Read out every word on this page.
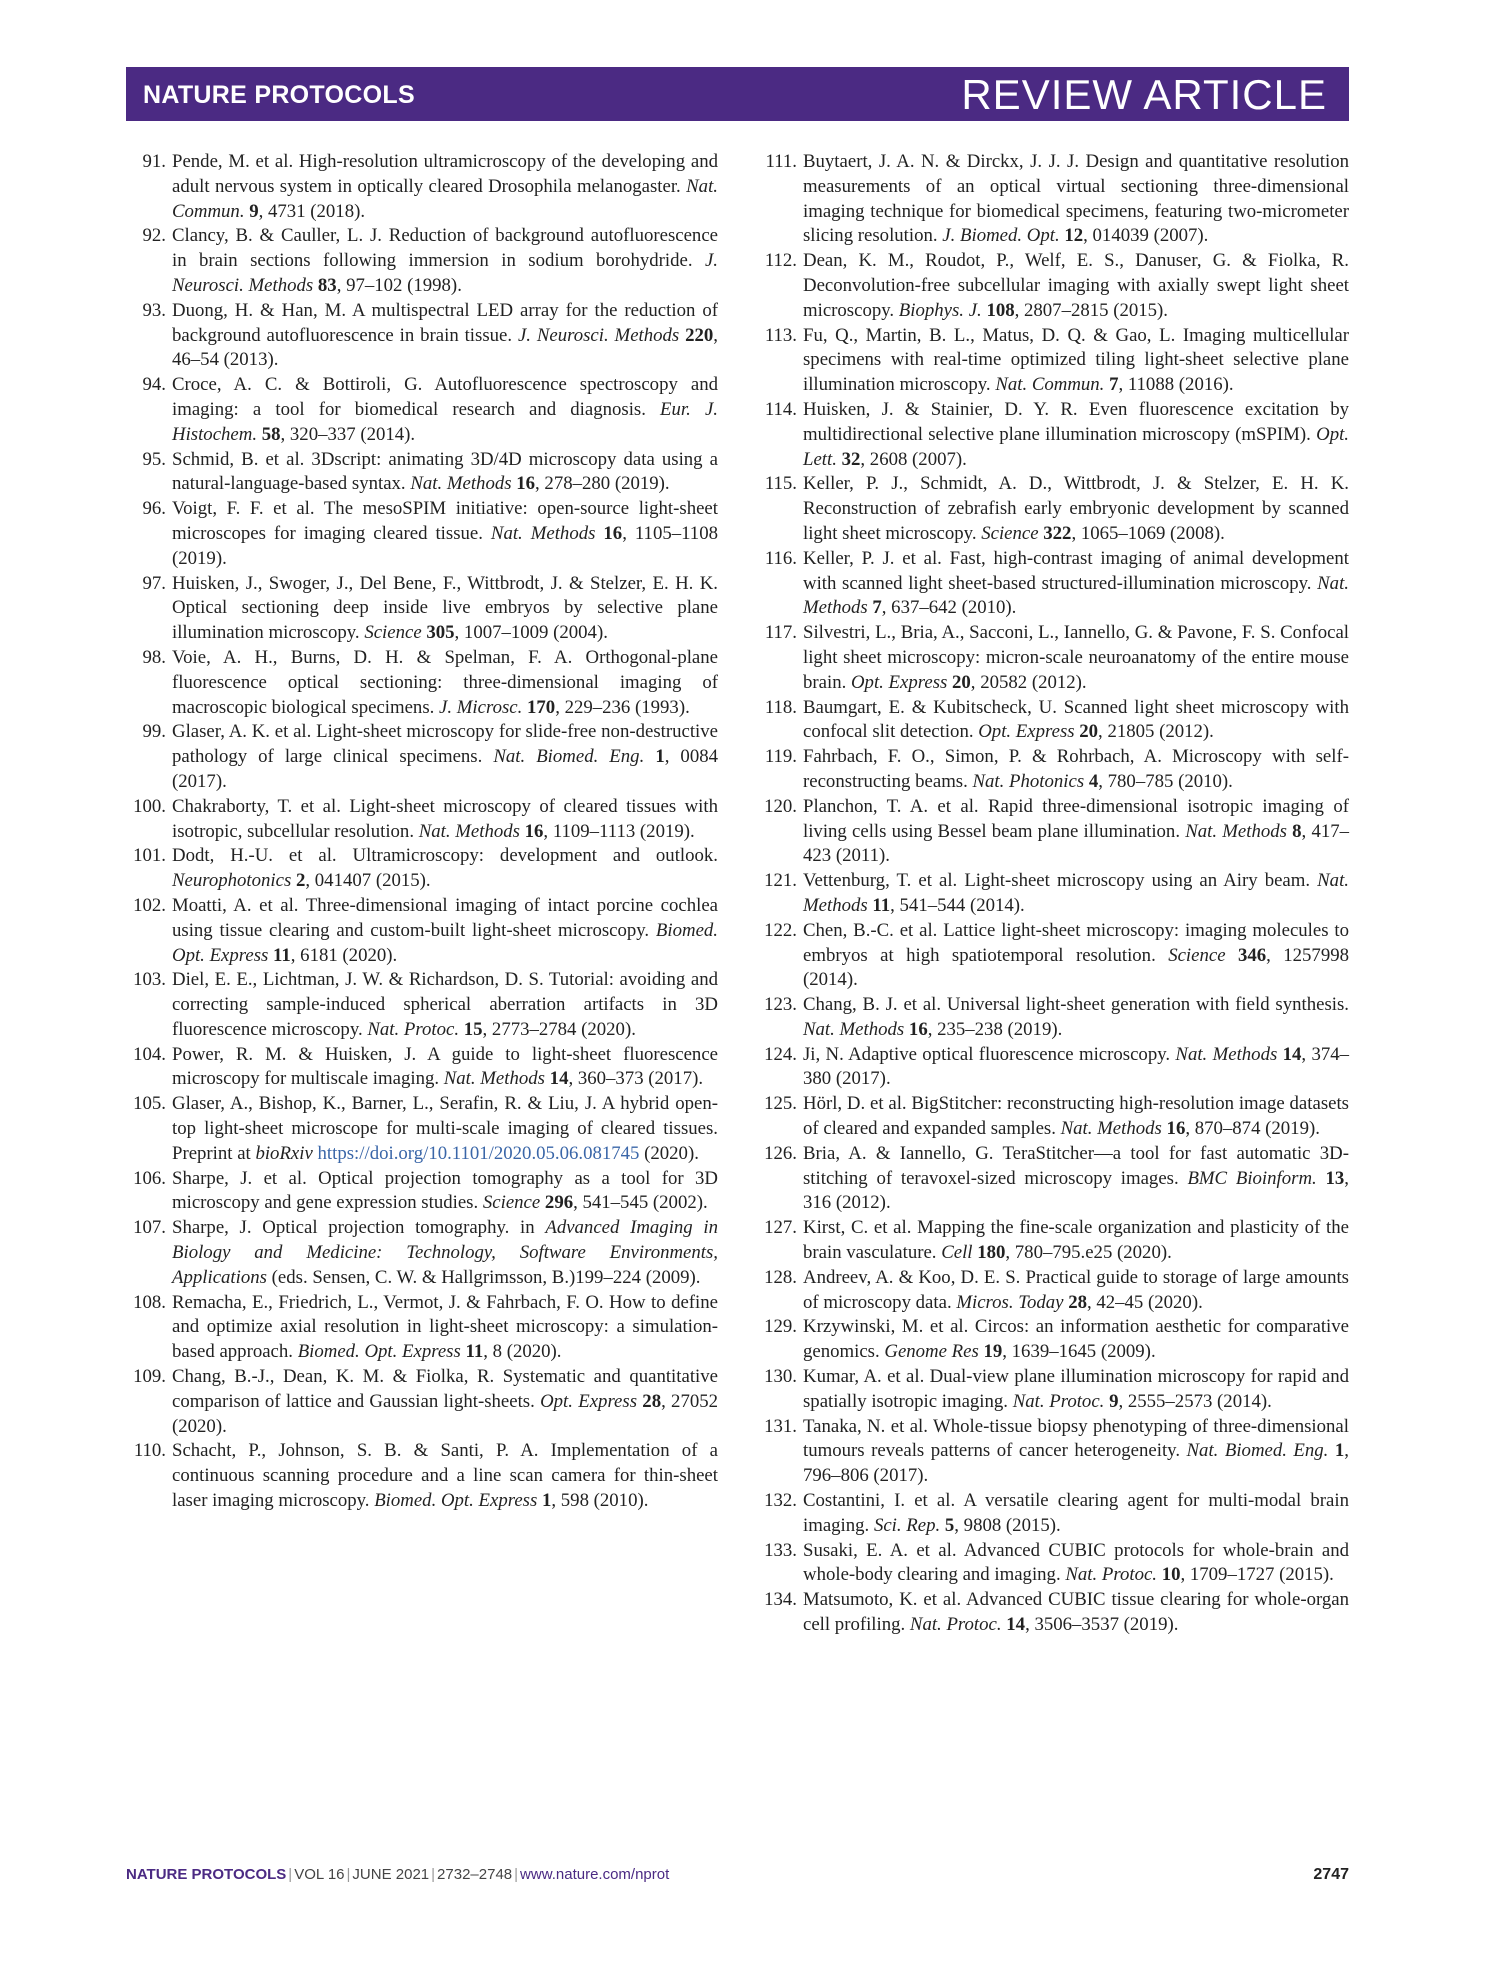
NATURE PROTOCOLS	REVIEW ARTICLE
91. Pende, M. et al. High-resolution ultramicroscopy of the developing and adult nervous system in optically cleared Drosophila melanogaster. Nat. Commun. 9, 4731 (2018).
92. Clancy, B. & Cauller, L. J. Reduction of background autofluorescence in brain sections following immersion in sodium borohydride. J. Neurosci. Methods 83, 97–102 (1998).
93. Duong, H. & Han, M. A multispectral LED array for the reduction of background autofluorescence in brain tissue. J. Neurosci. Methods 220, 46–54 (2013).
94. Croce, A. C. & Bottiroli, G. Autofluorescence spectroscopy and imaging: a tool for biomedical research and diagnosis. Eur. J. Histochem. 58, 320–337 (2014).
95. Schmid, B. et al. 3Dscript: animating 3D/4D microscopy data using a natural-language-based syntax. Nat. Methods 16, 278–280 (2019).
96. Voigt, F. F. et al. The mesoSPIM initiative: open-source light-sheet microscopes for imaging cleared tissue. Nat. Methods 16, 1105–1108 (2019).
97. Huisken, J., Swoger, J., Del Bene, F., Wittbrodt, J. & Stelzer, E. H. K. Optical sectioning deep inside live embryos by selective plane illumination microscopy. Science 305, 1007–1009 (2004).
98. Voie, A. H., Burns, D. H. & Spelman, F. A. Orthogonal-plane fluorescence optical sectioning: three-dimensional imaging of macroscopic biological specimens. J. Microsc. 170, 229–236 (1993).
99. Glaser, A. K. et al. Light-sheet microscopy for slide-free non-destructive pathology of large clinical specimens. Nat. Biomed. Eng. 1, 0084 (2017).
100. Chakraborty, T. et al. Light-sheet microscopy of cleared tissues with isotropic, subcellular resolution. Nat. Methods 16, 1109–1113 (2019).
101. Dodt, H.-U. et al. Ultramicroscopy: development and outlook. Neurophotonics 2, 041407 (2015).
102. Moatti, A. et al. Three-dimensional imaging of intact porcine cochlea using tissue clearing and custom-built light-sheet microscopy. Biomed. Opt. Express 11, 6181 (2020).
103. Diel, E. E., Lichtman, J. W. & Richardson, D. S. Tutorial: avoiding and correcting sample-induced spherical aberration artifacts in 3D fluorescence microscopy. Nat. Protoc. 15, 2773–2784 (2020).
104. Power, R. M. & Huisken, J. A guide to light-sheet fluorescence microscopy for multiscale imaging. Nat. Methods 14, 360–373 (2017).
105. Glaser, A., Bishop, K., Barner, L., Serafin, R. & Liu, J. A hybrid open-top light-sheet microscope for multi-scale imaging of cleared tissues. Preprint at bioRxiv https://doi.org/10.1101/2020.05.06.081745 (2020).
106. Sharpe, J. et al. Optical projection tomography as a tool for 3D microscopy and gene expression studies. Science 296, 541–545 (2002).
107. Sharpe, J. Optical projection tomography. in Advanced Imaging in Biology and Medicine: Technology, Software Environments, Applications (eds. Sensen, C. W. & Hallgrimsson, B.)199–224 (2009).
108. Remacha, E., Friedrich, L., Vermot, J. & Fahrbach, F. O. How to define and optimize axial resolution in light-sheet microscopy: a simulation-based approach. Biomed. Opt. Express 11, 8 (2020).
109. Chang, B.-J., Dean, K. M. & Fiolka, R. Systematic and quantitative comparison of lattice and Gaussian light-sheets. Opt. Express 28, 27052 (2020).
110. Schacht, P., Johnson, S. B. & Santi, P. A. Implementation of a continuous scanning procedure and a line scan camera for thin-sheet laser imaging microscopy. Biomed. Opt. Express 1, 598 (2010).
111. Buytaert, J. A. N. & Dirckx, J. J. J. Design and quantitative resolution measurements of an optical virtual sectioning three-dimensional imaging technique for biomedical specimens, featuring two-micrometer slicing resolution. J. Biomed. Opt. 12, 014039 (2007).
112. Dean, K. M., Roudot, P., Welf, E. S., Danuser, G. & Fiolka, R. Deconvolution-free subcellular imaging with axially swept light sheet microscopy. Biophys. J. 108, 2807–2815 (2015).
113. Fu, Q., Martin, B. L., Matus, D. Q. & Gao, L. Imaging multicellular specimens with real-time optimized tiling light-sheet selective plane illumination microscopy. Nat. Commun. 7, 11088 (2016).
114. Huisken, J. & Stainier, D. Y. R. Even fluorescence excitation by multidirectional selective plane illumination microscopy (mSPIM). Opt. Lett. 32, 2608 (2007).
115. Keller, P. J., Schmidt, A. D., Wittbrodt, J. & Stelzer, E. H. K. Reconstruction of zebrafish early embryonic development by scanned light sheet microscopy. Science 322, 1065–1069 (2008).
116. Keller, P. J. et al. Fast, high-contrast imaging of animal development with scanned light sheet-based structured-illumination microscopy. Nat. Methods 7, 637–642 (2010).
117. Silvestri, L., Bria, A., Sacconi, L., Iannello, G. & Pavone, F. S. Confocal light sheet microscopy: micron-scale neuroanatomy of the entire mouse brain. Opt. Express 20, 20582 (2012).
118. Baumgart, E. & Kubitscheck, U. Scanned light sheet microscopy with confocal slit detection. Opt. Express 20, 21805 (2012).
119. Fahrbach, F. O., Simon, P. & Rohrbach, A. Microscopy with self-reconstructing beams. Nat. Photonics 4, 780–785 (2010).
120. Planchon, T. A. et al. Rapid three-dimensional isotropic imaging of living cells using Bessel beam plane illumination. Nat. Methods 8, 417–423 (2011).
121. Vettenburg, T. et al. Light-sheet microscopy using an Airy beam. Nat. Methods 11, 541–544 (2014).
122. Chen, B.-C. et al. Lattice light-sheet microscopy: imaging molecules to embryos at high spatiotemporal resolution. Science 346, 1257998 (2014).
123. Chang, B. J. et al. Universal light-sheet generation with field synthesis. Nat. Methods 16, 235–238 (2019).
124. Ji, N. Adaptive optical fluorescence microscopy. Nat. Methods 14, 374–380 (2017).
125. Hörl, D. et al. BigStitcher: reconstructing high-resolution image datasets of cleared and expanded samples. Nat. Methods 16, 870–874 (2019).
126. Bria, A. & Iannello, G. TeraStitcher—a tool for fast automatic 3D-stitching of teravoxel-sized microscopy images. BMC Bioinform. 13, 316 (2012).
127. Kirst, C. et al. Mapping the fine-scale organization and plasticity of the brain vasculature. Cell 180, 780–795.e25 (2020).
128. Andreev, A. & Koo, D. E. S. Practical guide to storage of large amounts of microscopy data. Micros. Today 28, 42–45 (2020).
129. Krzywinski, M. et al. Circos: an information aesthetic for comparative genomics. Genome Res 19, 1639–1645 (2009).
130. Kumar, A. et al. Dual-view plane illumination microscopy for rapid and spatially isotropic imaging. Nat. Protoc. 9, 2555–2573 (2014).
131. Tanaka, N. et al. Whole-tissue biopsy phenotyping of three-dimensional tumours reveals patterns of cancer heterogeneity. Nat. Biomed. Eng. 1, 796–806 (2017).
132. Costantini, I. et al. A versatile clearing agent for multi-modal brain imaging. Sci. Rep. 5, 9808 (2015).
133. Susaki, E. A. et al. Advanced CUBIC protocols for whole-brain and whole-body clearing and imaging. Nat. Protoc. 10, 1709–1727 (2015).
134. Matsumoto, K. et al. Advanced CUBIC tissue clearing for whole-organ cell profiling. Nat. Protoc. 14, 3506–3537 (2019).
NATURE PROTOCOLS | VOL 16 | JUNE 2021 | 2732–2748 | www.nature.com/nprot	2747
